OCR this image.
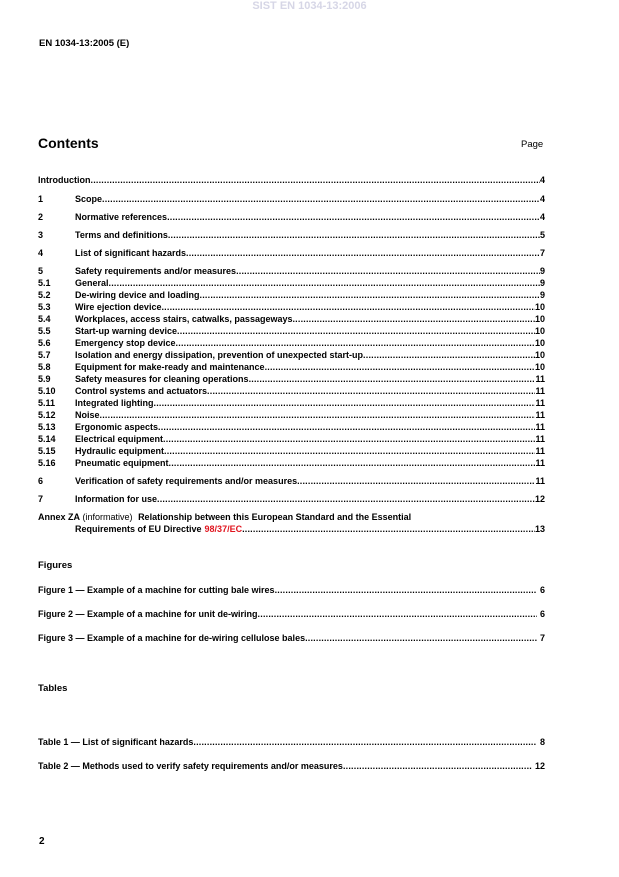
SIST EN 1034-13:2006
EN 1034-13:2005 (E)
Contents	Page
Introduction .....	4
1	Scope .....	4
2	Normative references .....	4
3	Terms and definitions .....	5
4	List of significant hazards .....	7
5	Safety requirements and/or measures .....	9
5.1	General .....	9
5.2	De-wiring device and loading .....	9
5.3	Wire ejection device .....	10
5.4	Workplaces, access stairs, catwalks, passageways .....	10
5.5	Start-up warning device .....	10
5.6	Emergency stop device .....	10
5.7	Isolation and energy dissipation, prevention of unexpected start-up .....	10
5.8	Equipment for make-ready and maintenance .....	10
5.9	Safety measures for cleaning operations .....	11
5.10	Control systems and actuators .....	11
5.11	Integrated lighting .....	11
5.12	Noise .....	11
5.13	Ergonomic aspects .....	11
5.14	Electrical equipment .....	11
5.15	Hydraulic equipment .....	11
5.16	Pneumatic equipment .....	11
6	Verification of safety requirements and/or measures .....	11
7	Information for use .....	12
Annex ZA (informative) Relationship between this European Standard and the Essential
Requirements of EU Directive 98/37/EC .....	13
Figures
Figure 1 — Example of a machine for cutting bale wires .....	6
Figure 2 — Example of a machine for unit de-wiring .....	6
Figure 3 — Example of a machine for de-wiring cellulose bales .....	7
Tables
Table 1 — List of significant hazards .....	8
Table 2 — Methods used to verify safety requirements and/or measures .....	12
2
